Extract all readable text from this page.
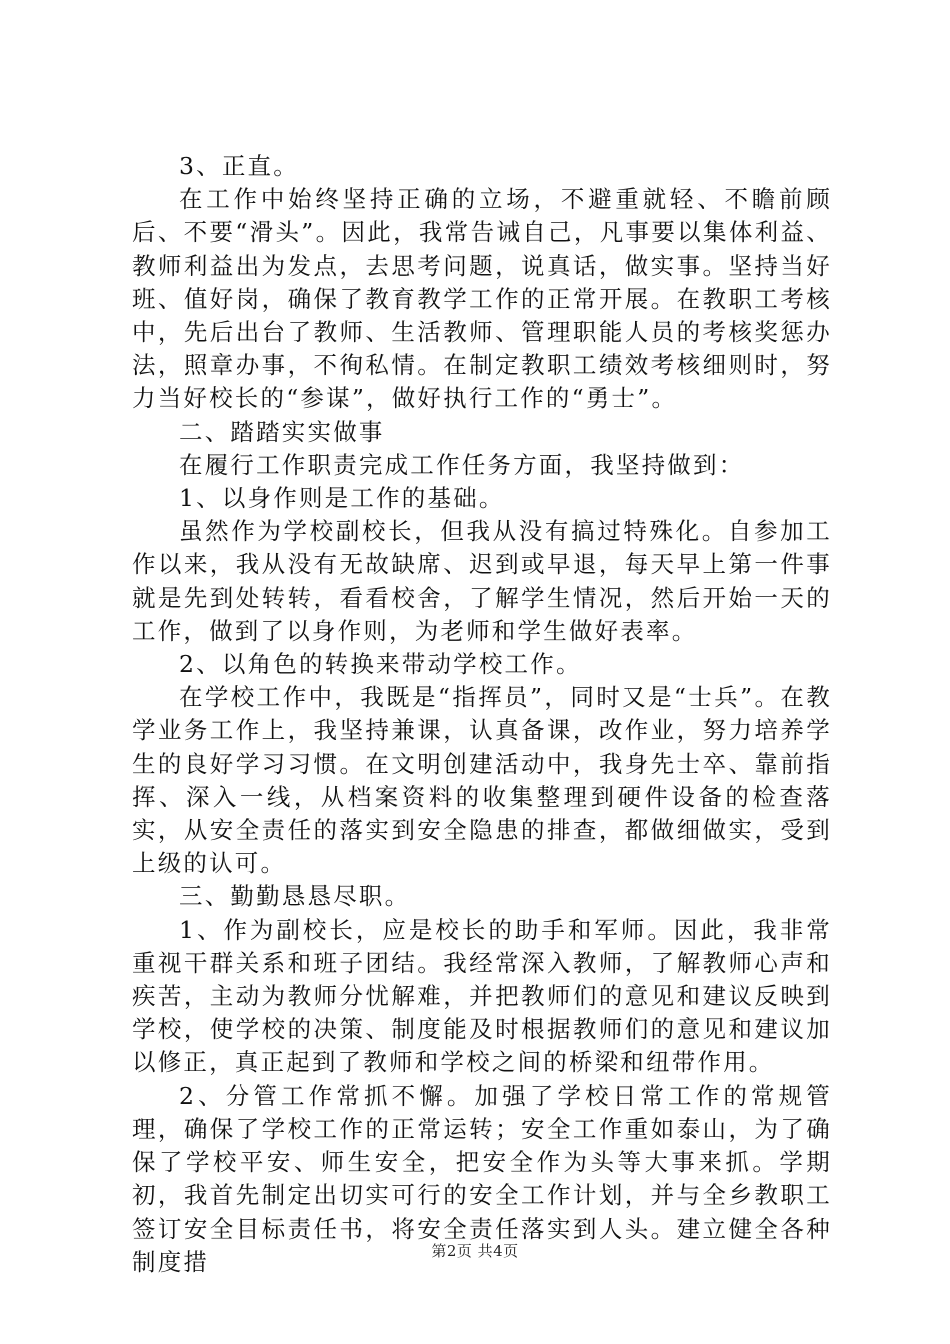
3、正直。

在工作中始终坚持正确的立场，不避重就轻、不瞻前顾后、不要“滑头”。因此，我常告诫自己，凡事要以集体利益、教师利益出为发点，去思考问题，说真话，做实事。坚持当好班、值好岗，确保了教育教学工作的正常开展。在教职工考核中，先后出台了教师、生活教师、管理职能人员的考核奖惩办法，照章办事，不徇私情。在制定教职工绩效考核细则时，努力当好校长的“参谋”，做好执行工作的“勇士”。

二、踏踏实实做事

在履行工作职责完成工作任务方面，我坚持做到：

1、以身作则是工作的基础。

虽然作为学校副校长，但我从没有搞过特殊化。自参加工作以来，我从没有无故缺席、迟到或早退，每天早上第一件事就是先到处转转，看看校舍，了解学生情况，然后开始一天的工作，做到了以身作则，为老师和学生做好表率。

2、以角色的转换来带动学校工作。

在学校工作中，我既是“指挥员”，同时又是“士兵”。在教学业务工作上，我坚持兼课，认真备课，改作业，努力培养学生的良好学习习惯。在文明创建活动中，我身先士卒、靠前指挥、深入一线，从档案资料的收集整理到硬件设备的检查落实，从安全责任的落实到安全隐患的排查，都做细做实，受到上级的认可。

三、勤勤恳恳尽职。

1、作为副校长，应是校长的助手和军师。因此，我非常重视干群关系和班子团结。我经常深入教师，了解教师心声和疾苦，主动为教师分忧解难，并把教师们的意见和建议反映到学校，使学校的决策、制度能及时根据教师们的意见和建议加以修正，真正起到了教师和学校之间的桥梁和纽带作用。

2、分管工作常抓不懈。加强了学校日常工作的常规管理，确保了学校工作的正常运转；安全工作重如泰山，为了确保了学校平安、师生安全，把安全作为头等大事来抓。学期初，我首先制定出切实可行的安全工作计划，并与全乡教职工签订安全目标责任书，将安全责任落实到人头。建立健全各种制度措	第2页 共4页
